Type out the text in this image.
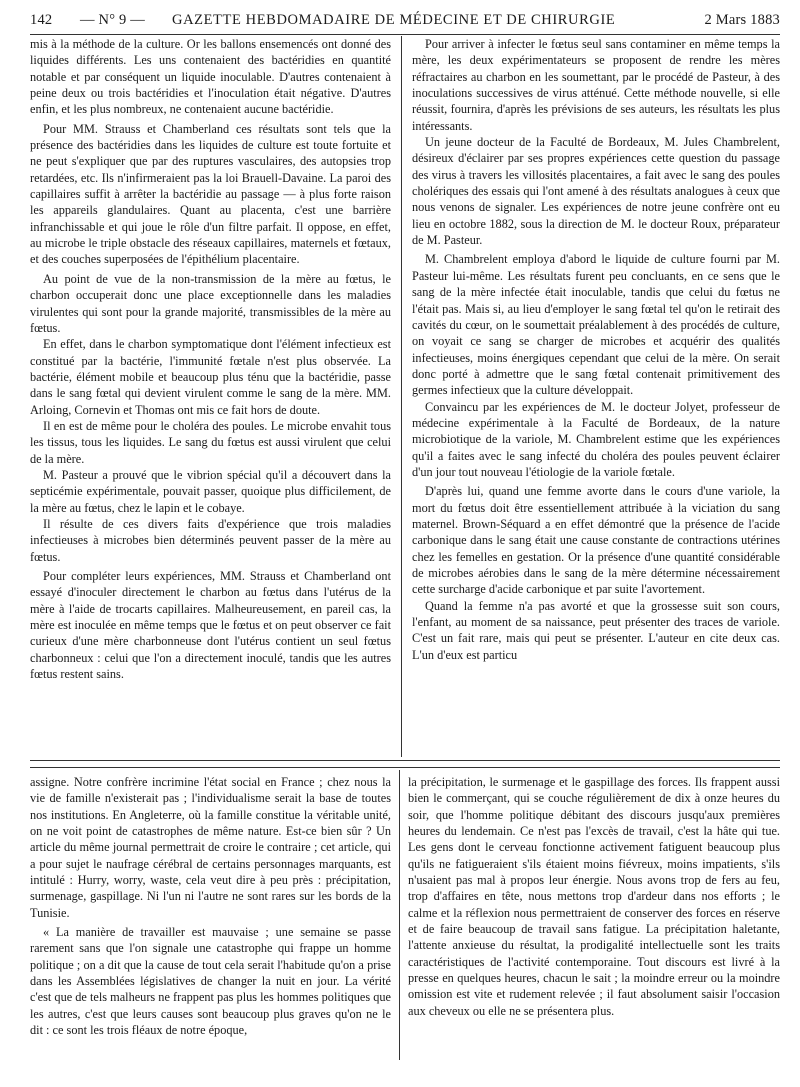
142 — N° 9 — GAZETTE HEBDOMADAIRE DE MÉDECINE ET DE CHIRURGIE	2 Mars 1883

mis à la méthode de la culture. Or les ballons ensemencés ont donné des liquides différents. Les uns contenaient des bactéridies en quantité notable et par conséquent un liquide inoculable. D'autres contenaient à peine deux ou trois bactéridies et l'inoculation était négative. D'autres enfin, et les plus nombreux, ne contenaient aucune bactéridie.

Pour MM. Strauss et Chamberland ces résultats sont tels que la présence des bactéridies dans les liquides de culture est toute fortuite et ne peut s'expliquer que par des ruptures vasculaires, des autopsies trop retardées, etc. Ils n'infirmeraient pas la loi Brauell-Davaine. La paroi des capillaires suffit à arrêter la bactéridie au passage — à plus forte raison les appareils glandulaires. Quant au placenta, c'est une barrière infranchissable et qui joue le rôle d'un filtre parfait. Il oppose, en effet, au microbe le triple obstacle des réseaux capillaires, maternels et fœtaux, et des couches superposées de l'épithélium placentaire.

Au point de vue de la non-transmission de la mère au fœtus, le charbon occuperait donc une place exceptionnelle dans les maladies virulentes qui sont pour la grande majorité, transmissibles de la mère au fœtus.

En effet, dans le charbon symptomatique dont l'élément infectieux est constitué par la bactérie, l'immunité fœtale n'est plus observée. La bactérie, élément mobile et beaucoup plus ténu que la bactéridie, passe dans le sang fœtal qui devient virulent comme le sang de la mère. MM. Arloing, Cornevin et Thomas ont mis ce fait hors de doute.

Il en est de même pour le choléra des poules. Le microbe envahit tous les tissus, tous les liquides. Le sang du fœtus est aussi virulent que celui de la mère.

M. Pasteur a prouvé que le vibrion spécial qu'il a découvert dans la septicémie expérimentale, pouvait passer, quoique plus difficilement, de la mère au fœtus, chez le lapin et le cobaye.

Il résulte de ces divers faits d'expérience que trois maladies infectieuses à microbes bien déterminés peuvent passer de la mère au fœtus.

Pour compléter leurs expériences, MM. Strauss et Chamberland ont essayé d'inoculer directement le charbon au fœtus dans l'utérus de la mère à l'aide de trocarts capillaires. Malheureusement, en pareil cas, la mère est inoculée en même temps que le fœtus et on peut observer ce fait curieux d'une mère charbonneuse dont l'utérus contient un seul fœtus charbonneux : celui que l'on a directement inoculé, tandis que les autres fœtus restent sains.

Pour arriver à infecter le fœtus seul sans contaminer en même temps la mère, les deux expérimentateurs se proposent de rendre les mères réfractaires au charbon en les soumettant, par le procédé de Pasteur, à des inoculations successives de virus atténué. Cette méthode nouvelle, si elle réussit, fournira, d'après les prévisions de ses auteurs, les résultats les plus intéressants.

Un jeune docteur de la Faculté de Bordeaux, M. Jules Chambrelent, désireux d'éclairer par ses propres expériences cette question du passage des virus à travers les villosités placentaires, a fait avec le sang des poules cholériques des essais qui l'ont amené à des résultats analogues à ceux que nous venons de signaler. Les expériences de notre jeune confrère ont eu lieu en octobre 1882, sous la direction de M. le docteur Roux, préparateur de M. Pasteur.

M. Chambrelent employa d'abord le liquide de culture fourni par M. Pasteur lui-même. Les résultats furent peu concluants, en ce sens que le sang de la mère infectée était inoculable, tandis que celui du fœtus ne l'était pas. Mais si, au lieu d'employer le sang fœtal tel qu'on le retirait des cavités du cœur, on le soumettait préalablement à des procédés de culture, on voyait ce sang se charger de microbes et acquérir des qualités infectieuses, moins énergiques cependant que celui de la mère. On serait donc porté à admettre que le sang fœtal contenait primitivement des germes infectieux que la culture développait.

Convaincu par les expériences de M. le docteur Jolyet, professeur de médecine expérimentale à la Faculté de Bordeaux, de la nature microbiotique de la variole, M. Chambrelent estime que les expériences qu'il a faites avec le sang infecté du choléra des poules peuvent éclairer d'un jour tout nouveau l'étiologie de la variole fœtale.

D'après lui, quand une femme avorte dans le cours d'une variole, la mort du fœtus doit être essentiellement attribuée à la viciation du sang maternel. Brown-Séquard a en effet démontré que la présence de l'acide carbonique dans le sang était une cause constante de contractions utérines chez les femelles en gestation. Or la présence d'une quantité considérable de microbes aérobies dans le sang de la mère détermine nécessairement cette surcharge d'acide carbonique et par suite l'avortement.

Quand la femme n'a pas avorté et que la grossesse suit son cours, l'enfant, au moment de sa naissance, peut présenter des traces de variole. C'est un fait rare, mais qui peut se présenter. L'auteur en cite deux cas. L'un d'eux est particu

assigne. Notre confrère incrimine l'état social en France ; chez nous la vie de famille n'existerait pas ; l'individualisme serait la base de toutes nos institutions. En Angleterre, où la famille constitue la véritable unité, on ne voit point de catastrophes de même nature. Est-ce bien sûr ? Un article du même journal permettrait de croire le contraire ; cet article, qui a pour sujet le naufrage cérébral de certains personnages marquants, est intitulé : Hurry, worry, waste, cela veut dire à peu près : précipitation, surmenage, gaspillage. Ni l'un ni l'autre ne sont rares sur les bords de la Tunisie.

« La manière de travailler est mauvaise ; une semaine se passe rarement sans que l'on signale une catastrophe qui frappe un homme politique ; on a dit que la cause de tout cela serait l'habitude qu'on a prise dans les Assemblées législatives de changer la nuit en jour. La vérité c'est que de tels malheurs ne frappent pas plus les hommes politiques que les autres, c'est que leurs causes sont beaucoup plus graves qu'on ne le dit : ce sont les trois fléaux de notre époque,

la précipitation, le surmenage et le gaspillage des forces. Ils frappent aussi bien le commerçant, qui se couche régulièrement de dix à onze heures du soir, que l'homme politique débitant des discours jusqu'aux premières heures du lendemain. Ce n'est pas l'excès de travail, c'est la hâte qui tue. Les gens dont le cerveau fonctionne activement fatiguent beaucoup plus qu'ils ne fatigueraient s'ils étaient moins fiévreux, moins impatients, s'ils n'usaient pas mal à propos leur énergie. Nous avons trop de fers au feu, trop d'affaires en tête, nous mettons trop d'ardeur dans nos efforts ; le calme et la réflexion nous permettraient de conserver des forces en réserve et de faire beaucoup de travail sans fatigue. La précipitation haletante, l'attente anxieuse du résultat, la prodigalité intellectuelle sont les traits caractéristiques de l'activité contemporaine. Tout discours est livré à la presse en quelques heures, chacun le sait ; la moindre erreur ou la moindre omission est vite et rudement relevée ; il faut absolument saisir l'occasion aux cheveux ou elle ne se présentera plus.
